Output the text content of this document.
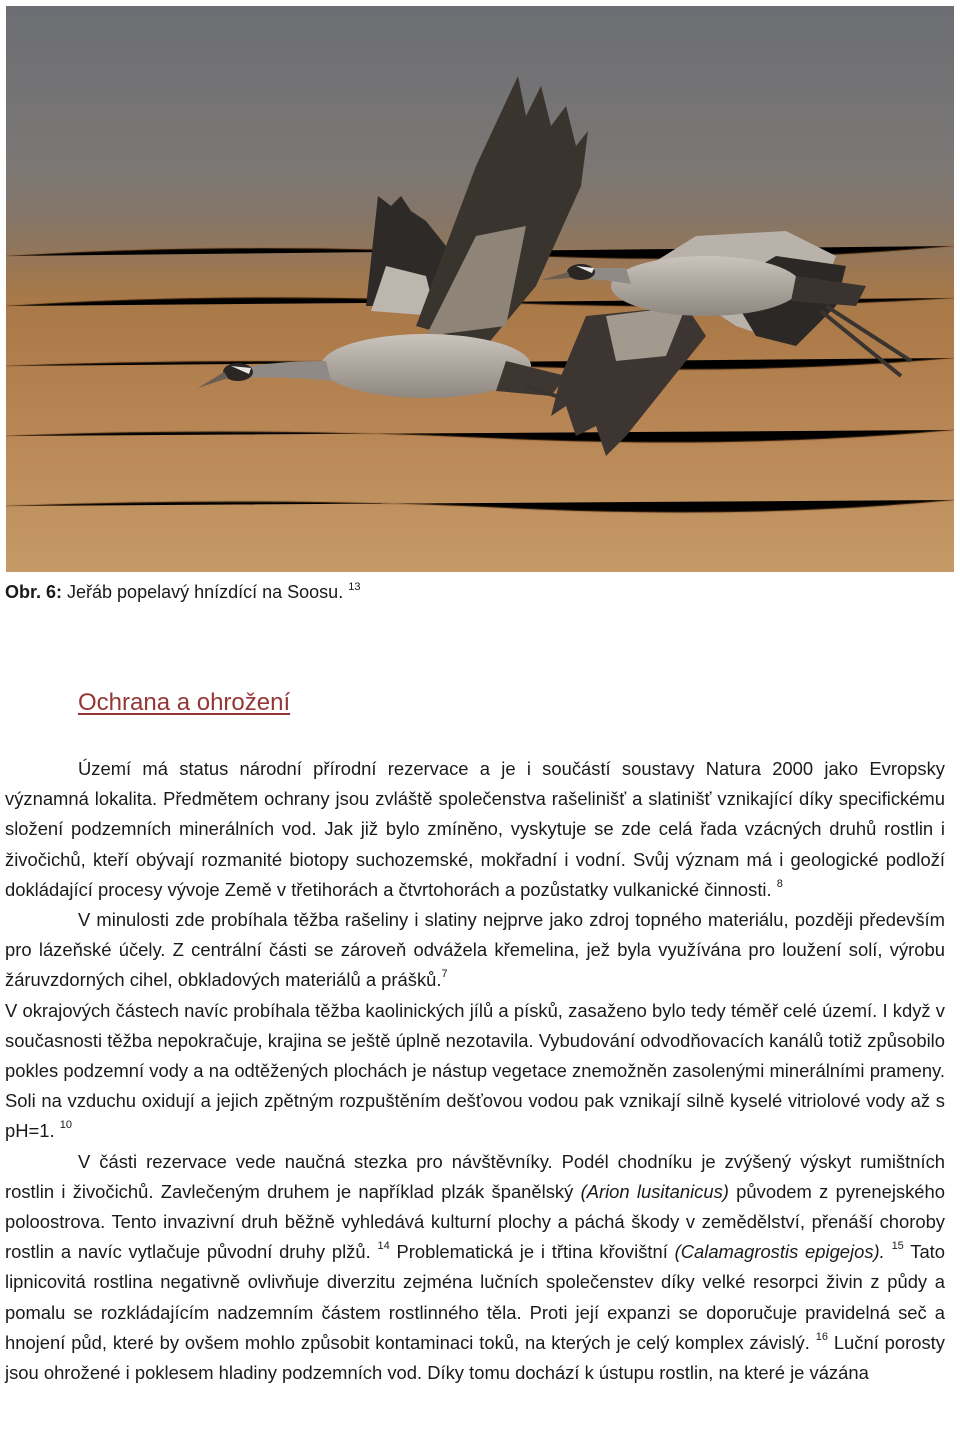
Obr. 6: Jeřáb popelavý hnízdící na Soosu. $^{13}$
Ochrana a ohrožení

Území má status národní přírodní rezervace a je i součástí soustavy Natura 2000 jako Evropsky významná lokalita. Předmětem ochrany jsou zvláště společenstva rašelinišť a slatinišť vznikající díky specifickému složení podzemních minerálních vod. Jak již bylo zmíněno, vyskytuje se zde celá řada vzácných druhů rostlin i živočichů, kteří obývají rozmanité biotopy suchozemské, mokřadní i vodní. Svůj význam má i geologické podloží dokládající procesy vývoje Země v třetihorách a čtvrtohorách a pozůstatky vulkanické činnosti. $^8$

V minulosti zde probíhala těžba rašeliny i slatiny nejprve jako zdroj topného materiálu, později především pro lázeňské účely. Z centrální části se zároveň odvážela křemelina, jež byla využívána pro loužení solí, výrobu žáruvzdorných cihel, obkladových materiálů a prášků.$^7$

V okrajových částech navíc probíhala těžba kaolinických jílů a písků, zasaženo bylo tedy téměř celé území. I když v současnosti těžba nepokračuje, krajina se ještě úplně nezotavila. Vybudování odvodňovacích kanálů totiž způsobilo pokles podzemní vody a na odtěžených plochách je nástup vegetace znemožněn zasolenými minerálními prameny. Soli na vzduchu oxidují a jejich zpětným rozpuštěním dešťovou vodou pak vznikají silně kyselé vitriolové vody až s pH=1. $^{10}$

V části rezervace vede naučná stezka pro návštěvníky. Podél chodníku je zvýšený výskyt rumištních rostlin i živočichů. Zavlečeným druhem je například plzák španělský (Arion lusitanicus) původem z pyrenejského poloostrova. Tento invazivní druh běžně vyhledává kulturní plochy a páchá škody v zemědělství, přenáší choroby rostlin a navíc vytlačuje původní druhy plžů. $^{14}$ Problematická je i třtina křovištní (Calamagrostis epigejos). $^{15}$ Tato lipnicovitá rostlina negativně ovlivňuje diverzitu zejména lučních společenstev díky velké resorpci živin z půdy a pomalu se rozkládajícím nadzemním částem rostlinného těla. Proti její expanzi se doporučuje pravidelná seč a hnojení půd, které by ovšem mohlo způsobit kontaminaci toků, na kterých je celý komplex závislý. $^{16}$ Luční porosty jsou ohrožené i poklesem hladiny podzemních vod. Díky tomu dochází k ústupu rostlin, na které je vázána
